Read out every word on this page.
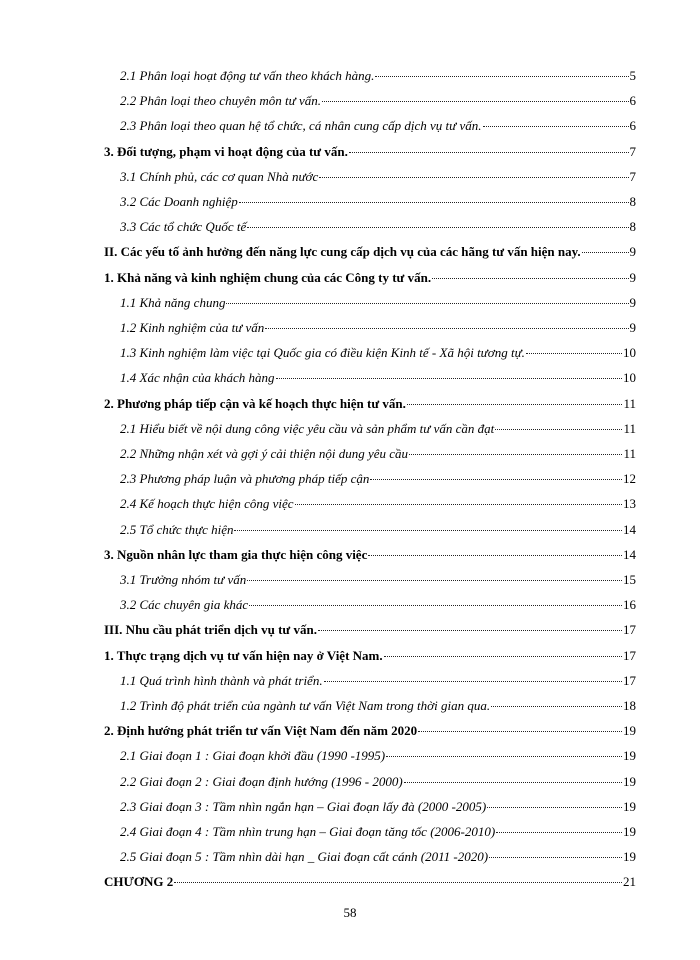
2.1 Phân loại hoạt động tư vấn theo khách hàng.	5
2.2 Phân loại theo chuyên môn tư vấn.	6
2.3 Phân loại theo quan hệ tổ chức, cá nhân cung cấp dịch vụ tư vấn.	6
3. Đối tượng, phạm vi hoạt động của tư vấn.	7
3.1 Chính phủ, các cơ quan Nhà nước	7
3.2 Các Doanh nghiệp	8
3.3 Các tổ chức Quốc tế	8
II. Các yếu tố ảnh hưởng đến năng lực cung cấp dịch vụ của các hãng tư vấn hiện nay.	9
1. Khả năng và kinh nghiệm chung của các Công ty tư vấn.	9
1.1 Khả năng chung	9
1.2 Kinh nghiệm của tư vấn	9
1.3 Kinh nghiệm làm việc tại Quốc gia có điều kiện Kinh tế - Xã hội tương tự.	10
1.4 Xác nhận của khách hàng	10
2. Phương pháp tiếp cận và kế hoạch thực hiện tư vấn.	11
2.1 Hiểu biết về nội dung công việc yêu cầu và sản phẩm tư vấn cần đạt	11
2.2 Những nhận xét và gợi ý cải thiện nội dung yêu cầu	11
2.3 Phương pháp luận và phương pháp tiếp cận	12
2.4 Kế hoạch thực hiện công việc	13
2.5 Tổ chức thực hiện	14
3. Nguồn nhân lực tham gia thực hiện công việc	14
3.1 Trưởng nhóm tư vấn	15
3.2 Các chuyên gia khác	16
III. Nhu cầu phát triển dịch vụ tư vấn.	17
1. Thực trạng dịch vụ tư vấn hiện nay ở Việt Nam.	17
1.1 Quá trình hình thành và phát triển.	17
1.2 Trình độ phát triển của ngành tư vấn Việt Nam trong thời gian qua.	18
2. Định hướng phát triển tư vấn Việt Nam đến năm 2020	19
2.1 Giai đoạn 1 : Giai đoạn khởi đầu (1990 -1995)	19
2.2 Giai đoạn 2 : Giai đoạn định hướng (1996 - 2000)	19
2.3 Giai đoạn 3 : Tầm nhìn ngắn hạn – Giai đoạn lấy đà (2000 -2005)	19
2.4 Giai đoạn 4 : Tầm nhìn trung hạn – Giai đoạn tăng tốc (2006-2010)	19
2.5 Giai đoạn 5 : Tầm nhìn dài hạn _ Giai đoạn cất cánh (2011 -2020)	19
CHƯƠNG 2	21
58
